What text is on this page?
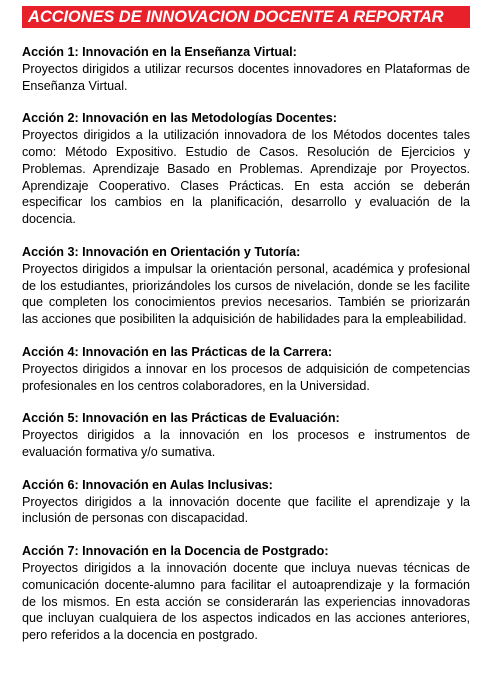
ACCIONES DE INNOVACION DOCENTE A REPORTAR
Acción 1: Innovación en la Enseñanza Virtual:
Proyectos dirigidos a utilizar recursos docentes innovadores en Plataformas de Enseñanza Virtual.
Acción 2: Innovación en las Metodologías Docentes:
Proyectos dirigidos a la utilización innovadora de los Métodos docentes tales como: Método Expositivo. Estudio de Casos. Resolución de Ejercicios y Problemas. Aprendizaje Basado en Problemas. Aprendizaje por Proyectos. Aprendizaje Cooperativo. Clases Prácticas. En esta acción se deberán especificar los cambios en la planificación, desarrollo y evaluación de la docencia.
Acción 3: Innovación en Orientación y Tutoría:
Proyectos dirigidos a impulsar la orientación personal, académica y profesional de los estudiantes, priorizándoles los cursos de nivelación, donde se les facilite que completen los conocimientos previos necesarios. También se priorizarán las acciones que posibiliten la adquisición de habilidades para la empleabilidad.
Acción 4: Innovación en las Prácticas de la Carrera:
Proyectos dirigidos a innovar en los procesos de adquisición de competencias profesionales en los centros colaboradores, en la Universidad.
Acción 5: Innovación en las Prácticas de Evaluación:
Proyectos dirigidos a la innovación en los procesos e instrumentos de evaluación formativa y/o sumativa.
Acción 6: Innovación en Aulas Inclusivas:
Proyectos dirigidos a la innovación docente que facilite el aprendizaje y la inclusión de personas con discapacidad.
Acción 7: Innovación en la Docencia de Postgrado:
Proyectos dirigidos a la innovación docente que incluya nuevas técnicas de comunicación docente-alumno para facilitar el autoaprendizaje y la formación de los mismos. En esta acción se considerarán las experiencias innovadoras que incluyan cualquiera de los aspectos indicados en las acciones anteriores, pero referidos a la docencia en postgrado.
